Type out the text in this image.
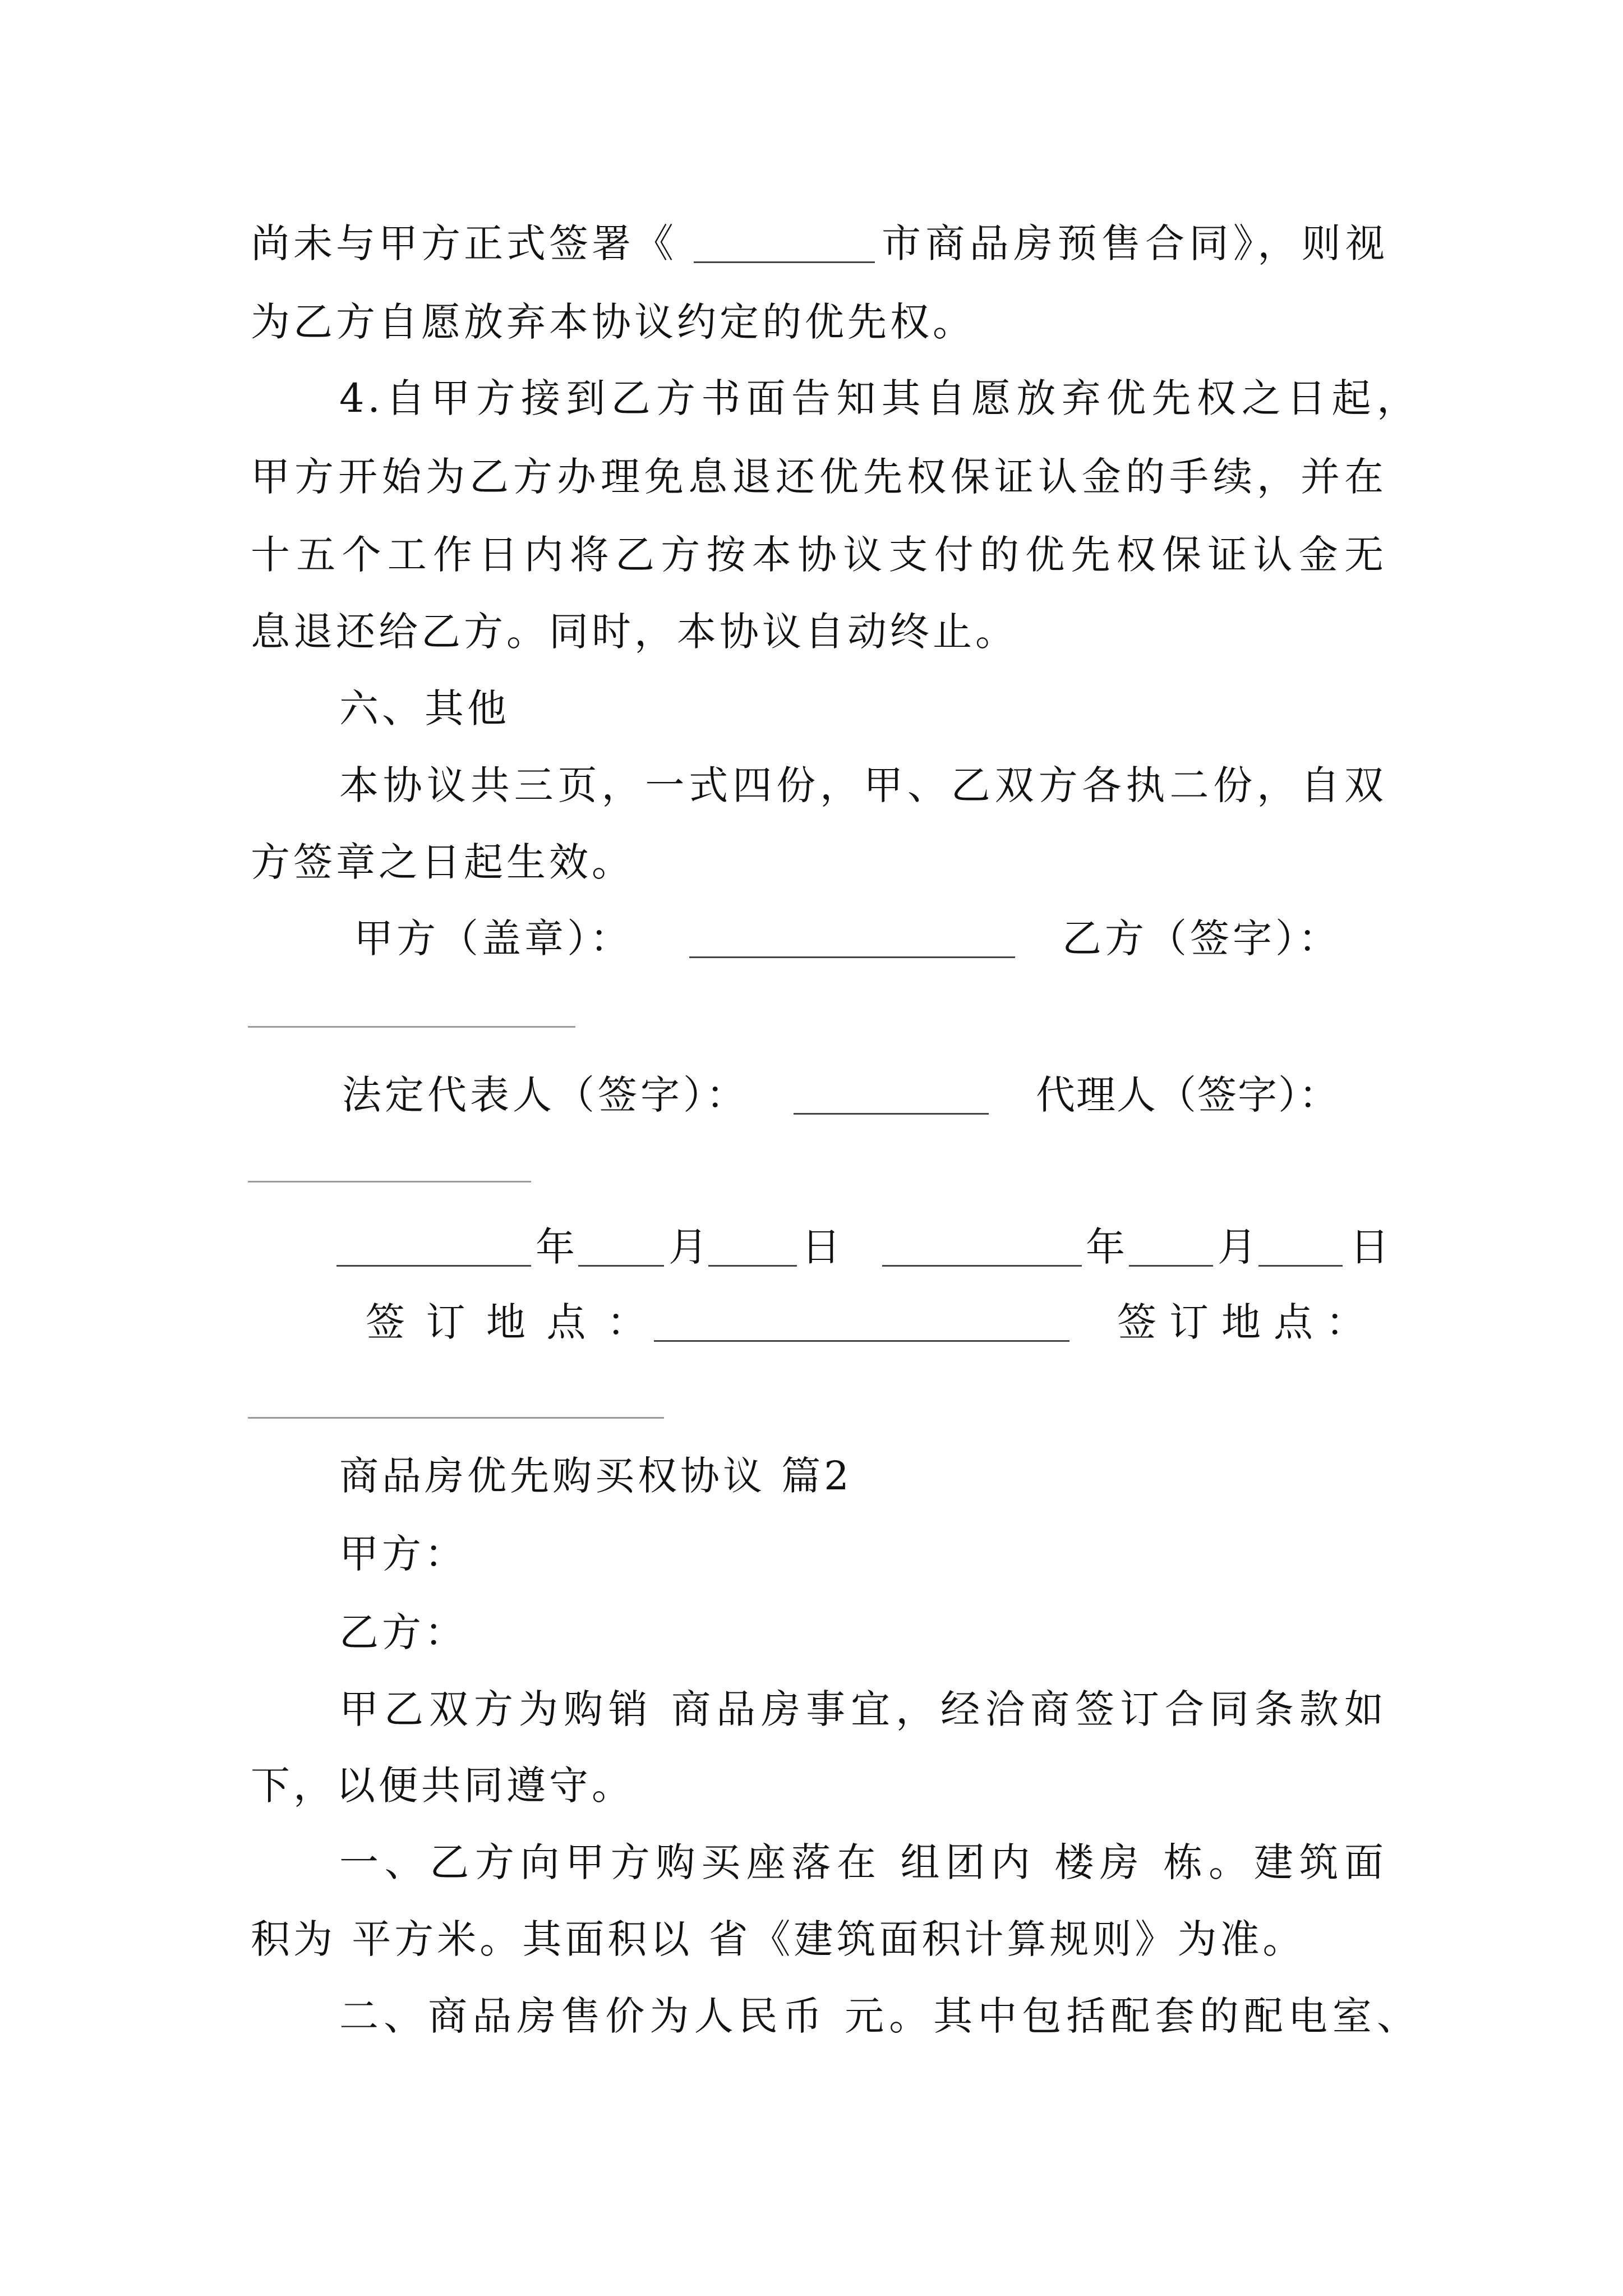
尚未与甲方正式签署《	市商品房预售合同》，则视
为乙方自愿放弃本协议约定的优先权。
4.自甲方接到乙方书面告知其自愿放弃优先权之日起，
甲方开始为乙方办理免息退还优先权保证认金的手续，并在
十五个工作日内将乙方按本协议支付的优先权保证认金无
息退还给乙方。同时，本协议自动终止。
六、其他
本协议共三页，一式四份，甲、乙双方各执二份，自双
方签章之日起生效。
甲方（盖章）：	乙方（签字）：
法定代表人（签字）：	代理人（签字）：
年 月 日	年 月 日
签订地点：	签订地点：
商品房优先购买权协议 篇2
甲方：
乙方：
甲乙双方为购销 商品房事宜，经洽商签订合同条款如
下，以便共同遵守。
一、乙方向甲方购买座落在 组团内 楼房 栋。建筑面
积为 平方米。其面积以 省《建筑面积计算规则》为准。
二、商品房售价为人民币 元。其中包括配套的配电室、
